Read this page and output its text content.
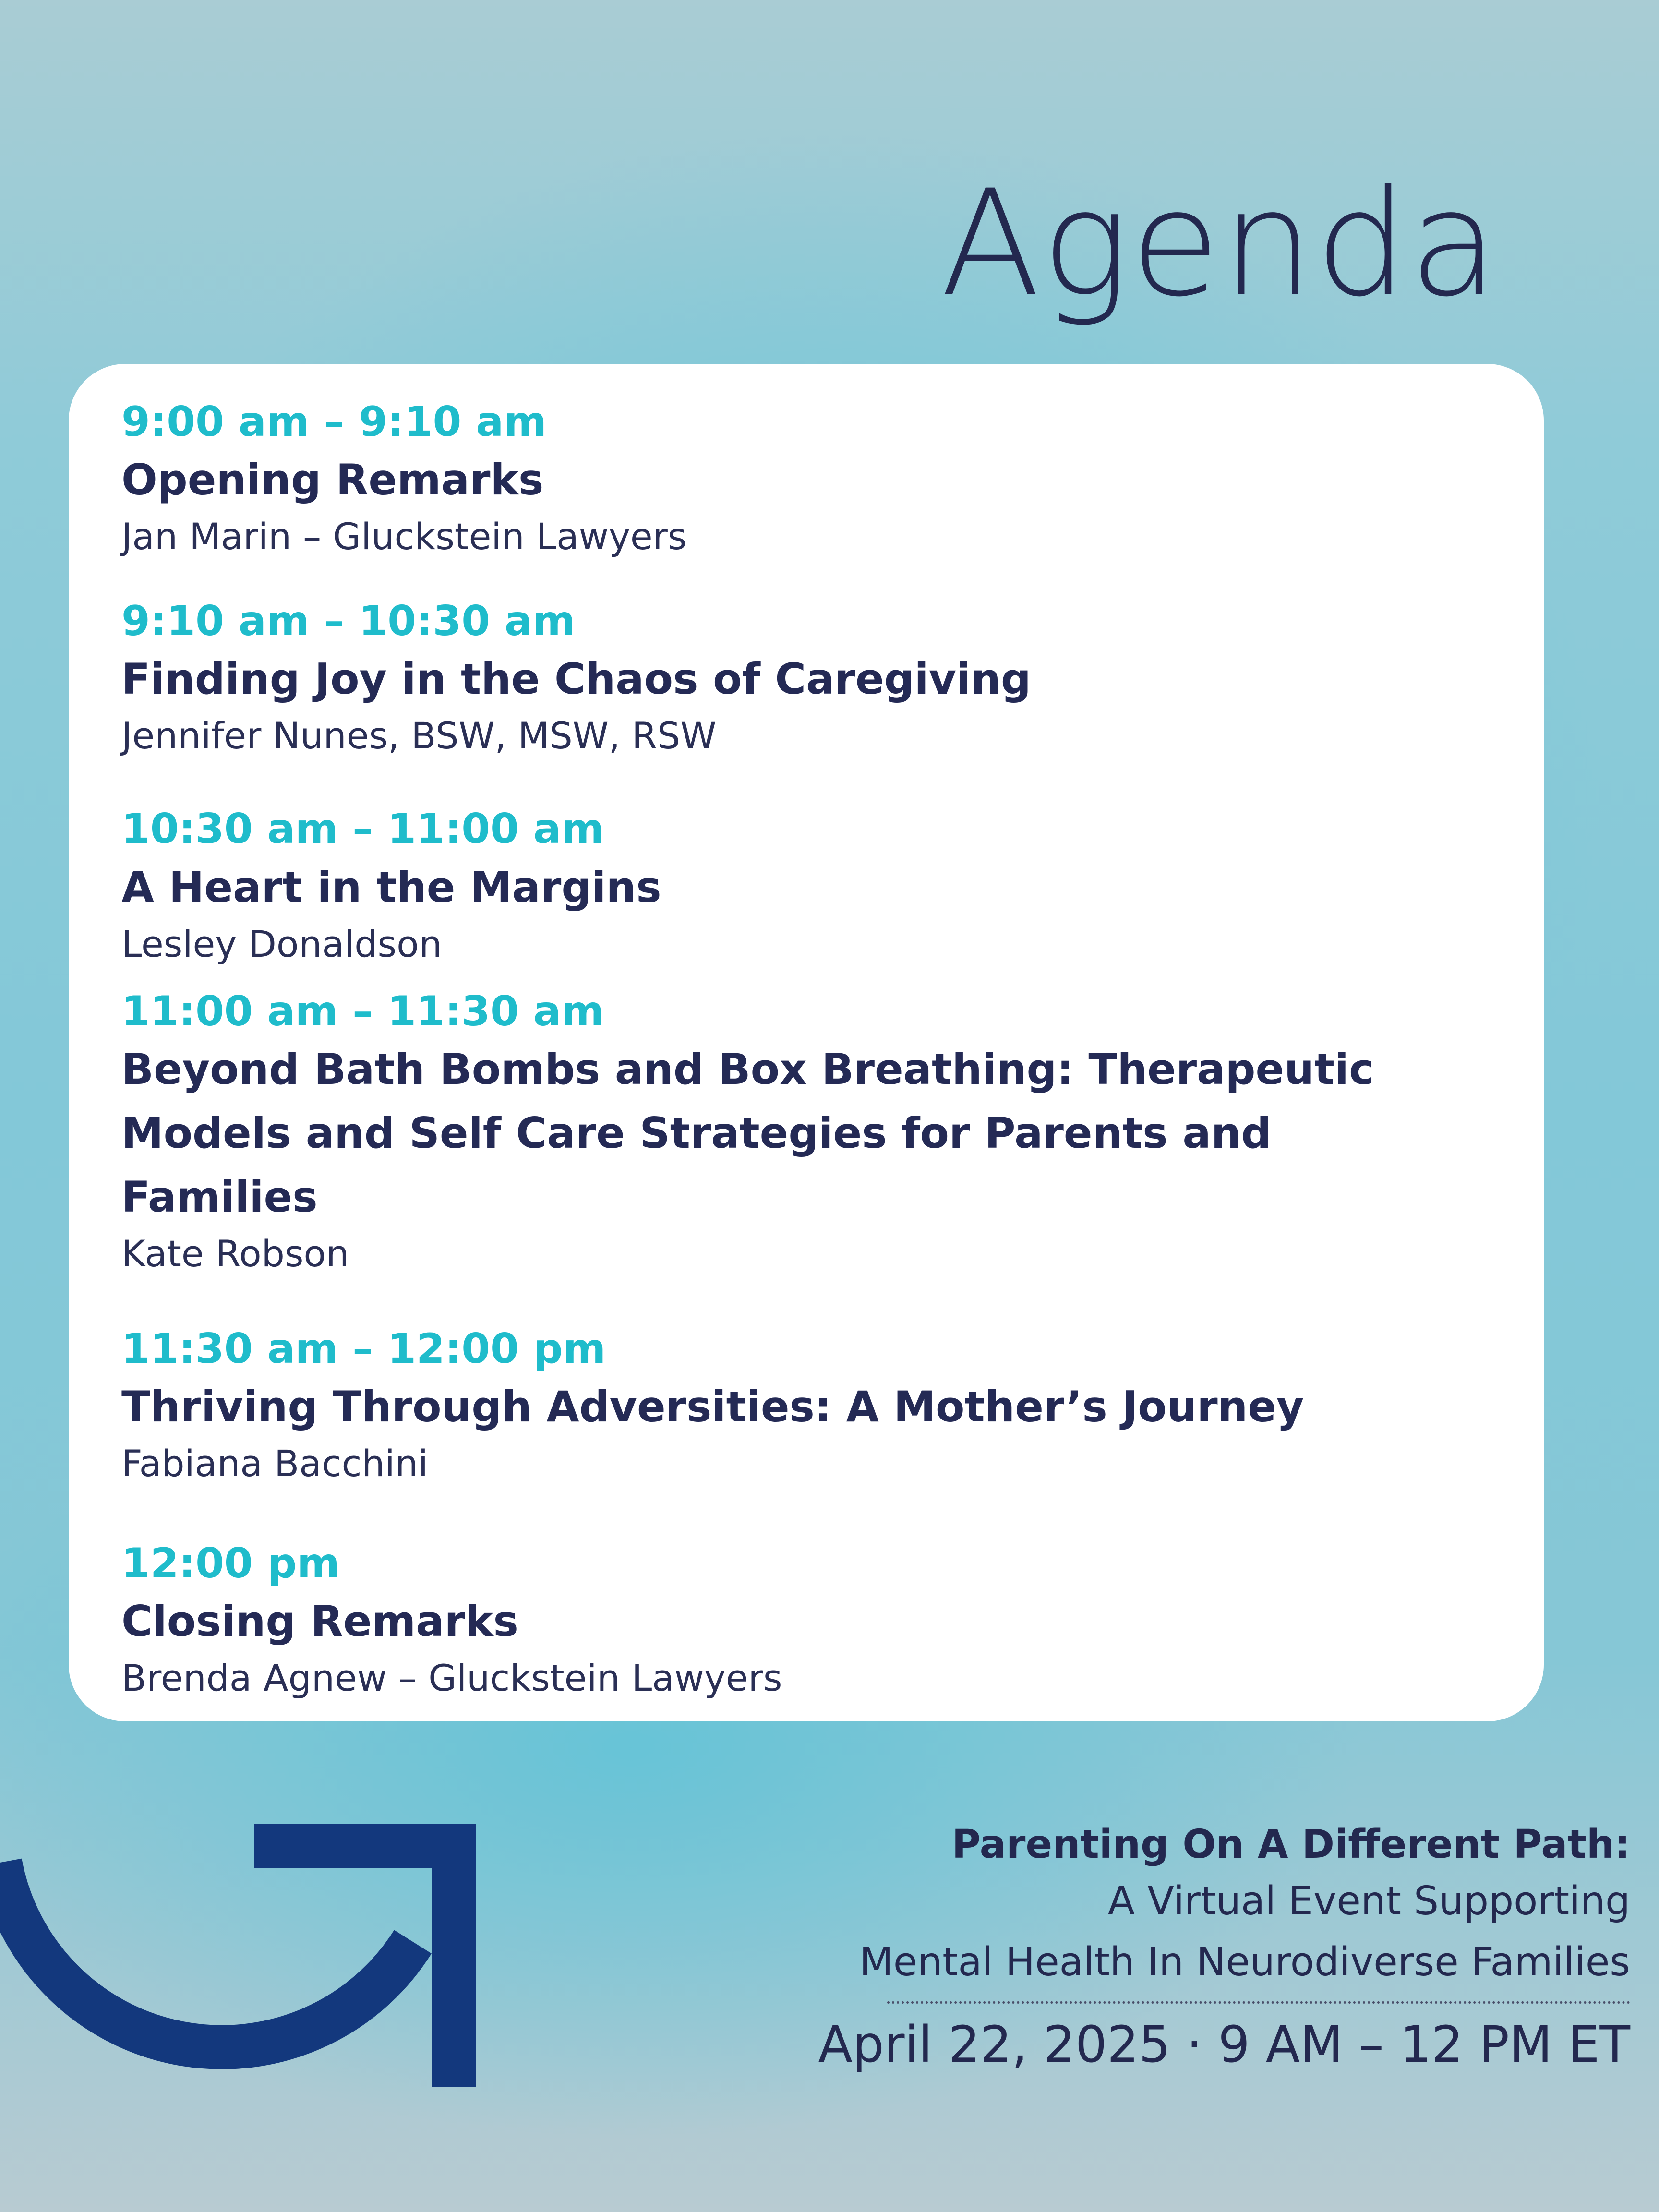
Agenda
9:00 am – 9:10 am
Opening Remarks
Jan Marin – Gluckstein Lawyers
9:10 am – 10:30 am
Finding Joy in the Chaos of Caregiving
Jennifer Nunes, BSW, MSW, RSW
10:30 am – 11:00 am
A Heart in the Margins
Lesley Donaldson
11:00 am – 11:30 am
Beyond Bath Bombs and Box Breathing: Therapeutic Models and Self Care Strategies for Parents and Families
Kate Robson
11:30 am – 12:00 pm
Thriving Through Adversities: A Mother’s Journey
Fabiana Bacchini
12:00 pm
Closing Remarks
Brenda Agnew – Gluckstein Lawyers
Parenting On A Different Path:
A Virtual Event Supporting
Mental Health In Neurodiverse Families
April 22, 2025 · 9 AM – 12 PM ET
